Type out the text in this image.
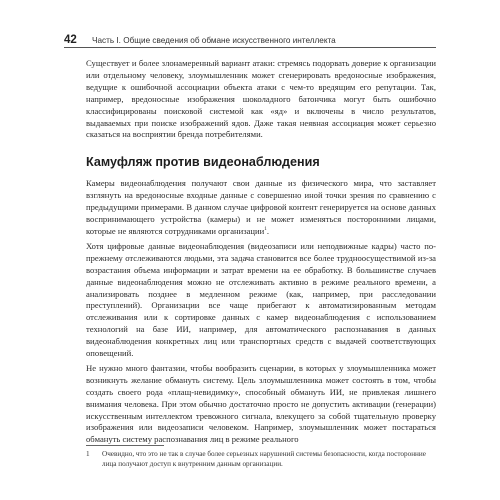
42	Часть I. Общие сведения об обмане искусственного интеллекта

Существует и более злонамеренный вариант атаки: стремясь подорвать доверие к организации или отдельному человеку, злоумышленник может сгенерировать вредоносные изображения, ведущие к ошибочной ассоциации объекта атаки с чем-то вредящим его репутации. Так, например, вредоносные изображения шоколадного батончика могут быть ошибочно классифицированы поисковой системой как «яд» и включены в число результатов, выдаваемых при поиске изображений ядов. Даже такая неявная ассоциация может серьезно сказаться на восприятии бренда потребителями.

Камуфляж против видеонаблюдения

Камеры видеонаблюдения получают свои данные из физического мира, что заставляет взглянуть на вредоносные входные данные с совершенно иной точки зрения по сравнению с предыдущими примерами. В данном случае цифровой контент генерируется на основе данных воспринимающего устройства (камеры) и не может изменяться посторонними лицами, которые не являются сотрудниками организации$^1$.

Хотя цифровые данные видеонаблюдения (видеозаписи или неподвижные кадры) часто по-прежнему отслеживаются людьми, эта задача становится все более трудноосуществимой из-за возрастания объема информации и затрат времени на ее обработку. В большинстве случаев данные видеонаблюдения можно не отслеживать активно в режиме реального времени, а анализировать позднее в медленном режиме (как, например, при расследовании преступлений). Организации все чаще прибегают к автоматизированным методам отслеживания или к сортировке данных с камер видеонаблюдения с использованием технологий на базе ИИ, например, для автоматического распознавания в данных видеонаблюдения конкретных лиц или транспортных средств с выдачей соответствующих оповещений.

Не нужно много фантазии, чтобы вообразить сценарии, в которых у злоумышленника может возникнуть желание обмануть систему. Цель злоумышленника может состоять в том, чтобы создать своего рода «плащ-невидимку», способный обмануть ИИ, не привлекая лишнего внимания человека. При этом обычно достаточно просто не допустить активации (генерации) искусственным интеллектом тревожного сигнала, влекущего за собой тщательную проверку изображения или видеозаписи человеком. Например, злоумышленник может постараться обмануть систему распознавания лиц в режиме реального

1	Очевидно, что это не так в случае более серьезных нарушений системы безопасности, когда посторонние лица получают доступ к внутренним данным организации.
